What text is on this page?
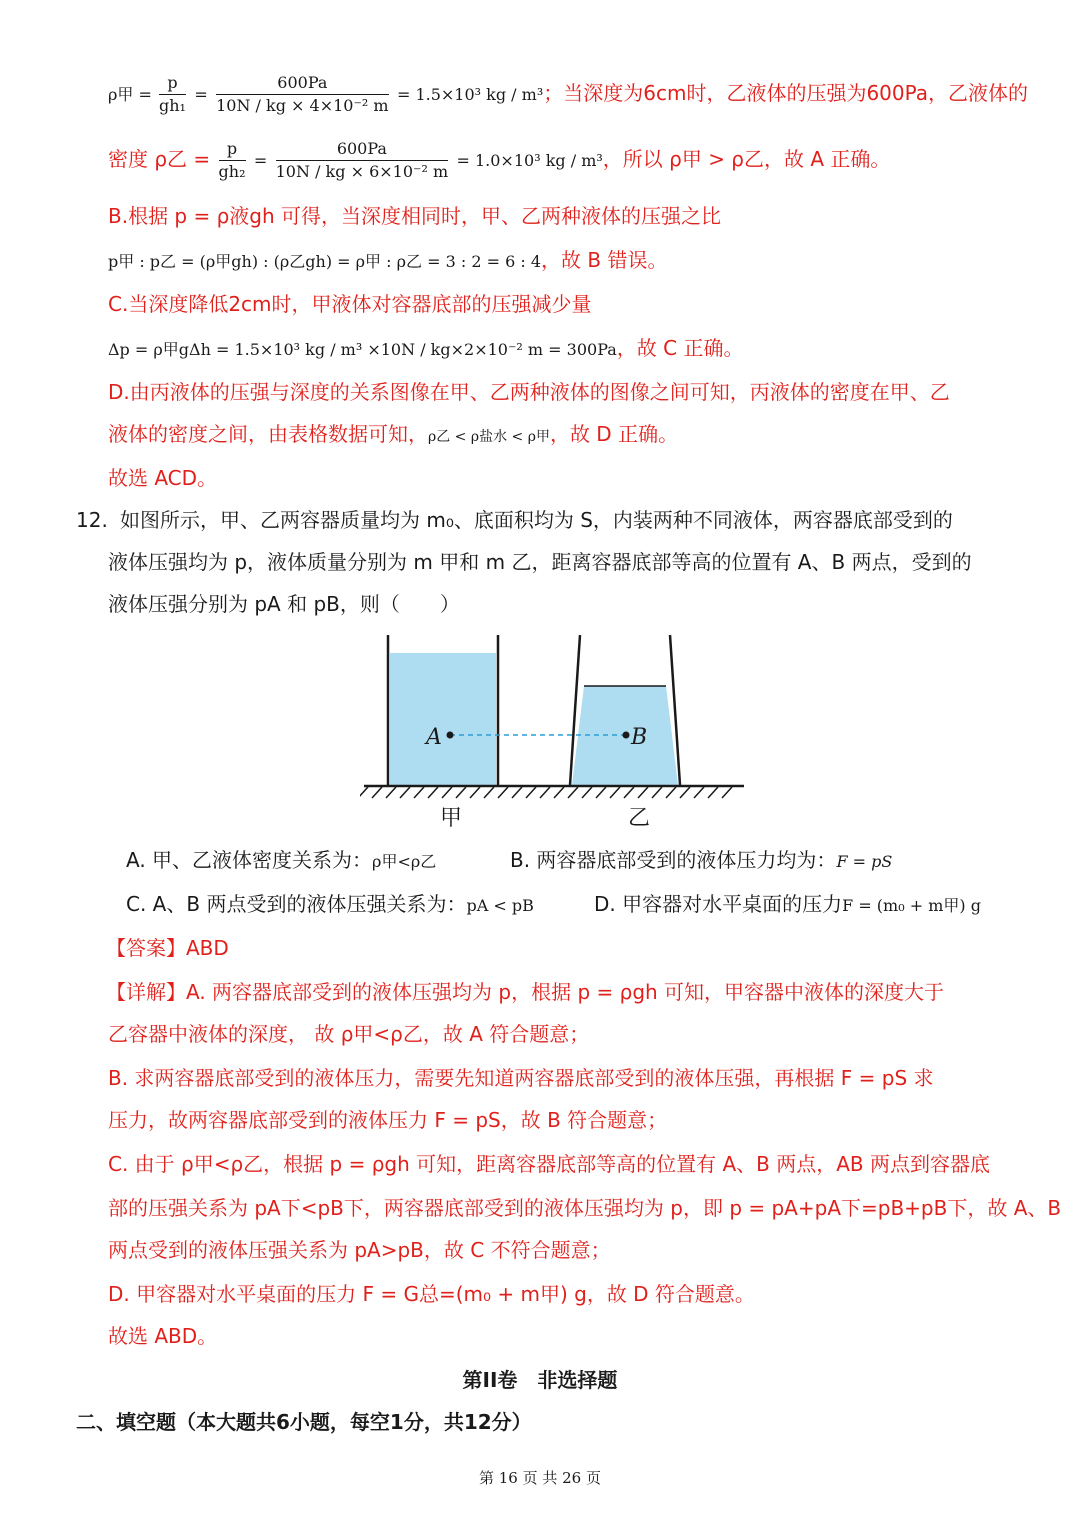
ρ甲 = $\frac{p}{\text{gh₁}} = \frac{600Pa}{\text{10N / kg × 4×10⁻² m}} = 1.5\times 10^3$ kg / m³；当深度为6cm时，乙液体的压强为600Pa，乙液体的
密度 ρ乙 = $\frac{p}{\text{gh₂}} = \frac{600Pa}{\text{10N / kg × 6×10⁻² m}} = 1.0\times 10^3$ kg / m³，所以 ρ甲 > ρ乙，故 A 正确。
B.根据 p = ρ液gh 可得，当深度相同时，甲、乙两种液体的压强之比
p甲 : p乙 = (ρ甲gh) : (ρ乙gh) = ρ甲 : ρ乙 = 3 : 2 = 6 : 4，故 B 错误。
C.当深度降低2cm时，甲液体对容器底部的压强减少量
Δp = ρ甲gΔh = 1.5×10³ kg / m³ ×10N / kg×2×10⁻² m = 300Pa，故 C 正确。
D.由丙液体的压强与深度的关系图像在甲、乙两种液体的图像之间可知，丙液体的密度在甲、乙
液体的密度之间，由表格数据可知，ρ乙 < ρ盐水 < ρ甲，故 D 正确。
故选 ACD。
12. 如图所示，甲、乙两容器质量均为 m₀、底面积均为 S，内装两种不同液体，两容器底部受到的
液体压强均为 p，液体质量分别为 m 甲和 m 乙，距离容器底部等高的位置有 A、B 两点，受到的
液体压强分别为 pA 和 pB，则（　　）
A	B
甲	乙
A. 甲、乙液体密度关系为：ρ甲<ρ乙	B. 两容器底部受到的液体压力均为：F = pS
C. A、B 两点受到的液体压强关系为：pA < pB	D. 甲容器对水平桌面的压力F = (m₀ + m甲) g
【答案】ABD
【详解】A. 两容器底部受到的液体压强均为 p，根据 p = ρgh 可知，甲容器中液体的深度大于
乙容器中液体的深度， 故 ρ甲<ρ乙，故 A 符合题意；
B. 求两容器底部受到的液体压力，需要先知道两容器底部受到的液体压强，再根据 F = pS 求
压力，故两容器底部受到的液体压力 F = pS，故 B 符合题意；
C. 由于 ρ甲<ρ乙，根据 p = ρgh 可知，距离容器底部等高的位置有 A、B 两点，AB 两点到容器底
部的压强关系为 pA下<pB下，两容器底部受到的液体压强均为 p，即 p = pA+pA下=pB+pB下，故 A、B
两点受到的液体压强关系为 pA>pB，故 C 不符合题意；
D. 甲容器对水平桌面的压力 F = G总=(m₀ + m甲) g，故 D 符合题意。
故选 ABD。
第II卷　非选择题
二、填空题（本大题共6小题，每空1分，共12分）
第 16 页 共 26 页
